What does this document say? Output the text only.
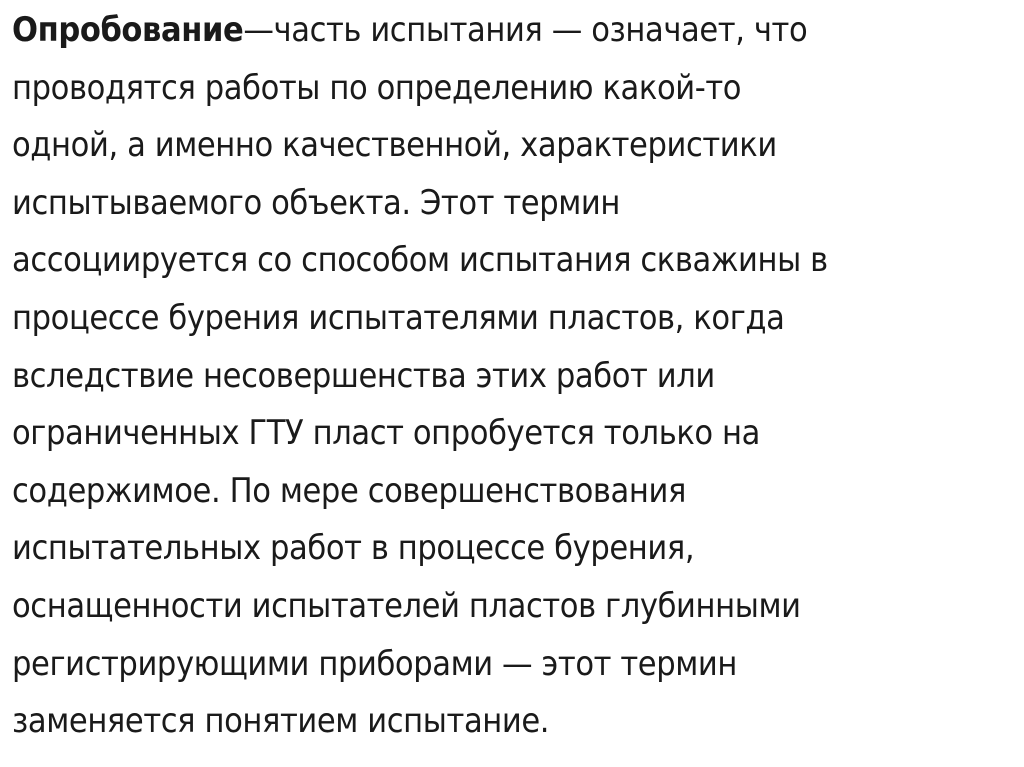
Опробование—часть испытания — означает, что
проводятся работы по определению какой-то
одной, а именно качественной, характеристики
испытываемого объекта. Этот термин
ассоциируется со способом испытания скважины в
процессе бурения испытателями пластов, когда
вследствие несовершенства этих работ или
ограниченных ГТУ пласт опробуется только на
содержимое. По мере совершенствования
испытательных работ в процессе бурения,
оснащенности испытателей пластов глубинными
регистрирующими приборами — этот термин
заменяется понятием испытание.
